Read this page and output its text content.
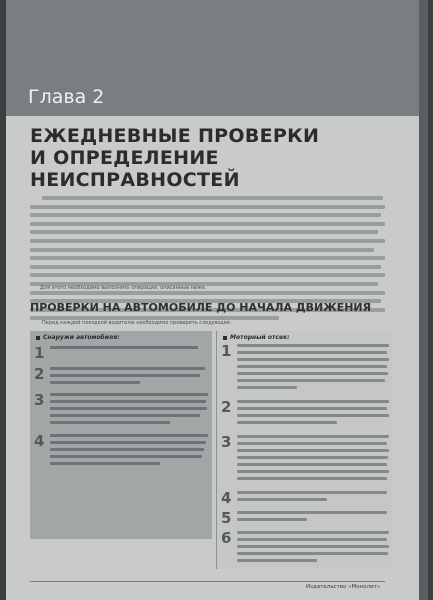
Глава 2
ЕЖЕДНЕВНЫЕ ПРОВЕРКИ
И ОПРЕДЕЛЕНИЕ
НЕИСПРАВНОСТЕЙ
Для этого необходимо выполнять операции, описанные ниже.
ПРОВЕРКИ НА АВТОМОБИЛЕ ДО НАЧАЛА ДВИЖЕНИЯ
Перед каждой поездкой водителю необходимо проверить следующее:
Снаружи автомобиля:
1
2
3
4
Моторный отсек:
1
2
3
4
5
6
Издательство «Монолит»
